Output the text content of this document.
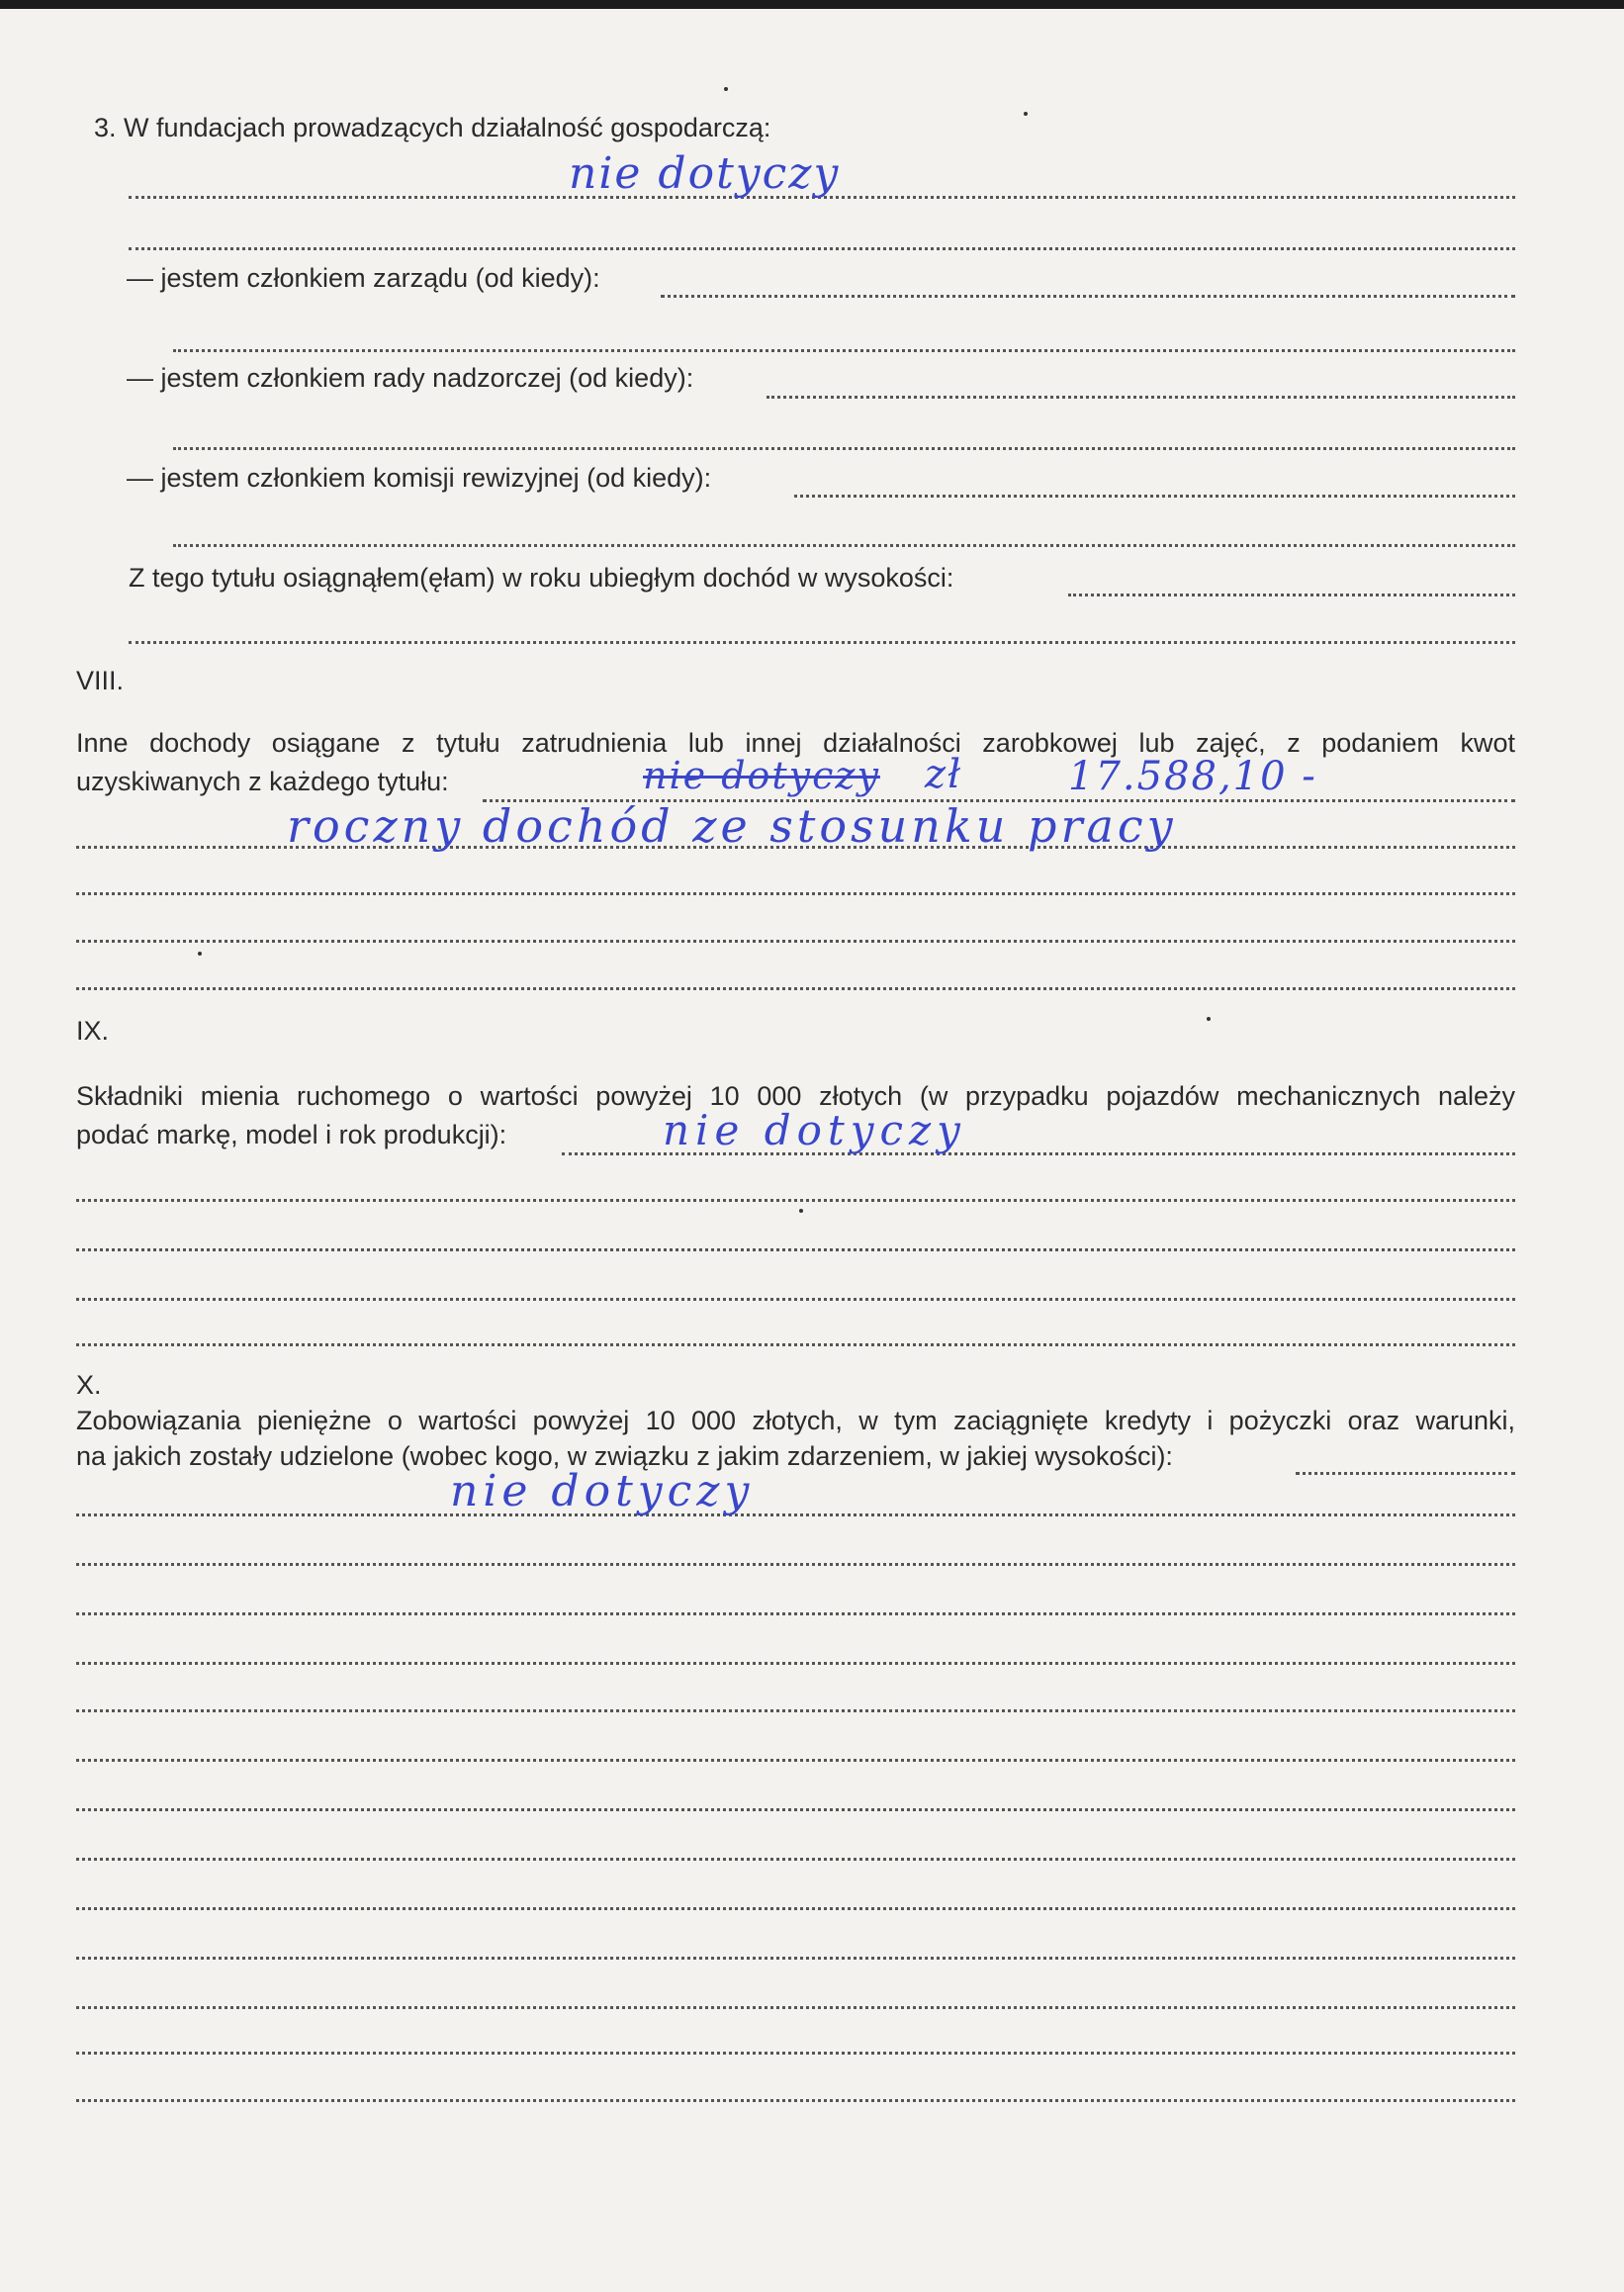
3. W fundacjach prowadzących działalność gospodarczą:
nie dotyczy
— jestem członkiem zarządu (od kiedy):
— jestem członkiem rady nadzorczej (od kiedy):
— jestem członkiem komisji rewizyjnej (od kiedy):
Z tego tytułu osiągnąłem(ęłam) w roku ubiegłym dochód w wysokości:
VIII.
Inne dochody osiągane z tytułu zatrudnienia lub innej działalności zarobkowej lub zajęć, z podaniem kwot
uzyskiwanych z każdego tytułu:	nie dotyczy zł	17.588,10 -
roczny dochód ze stosunku pracy
IX.
Składniki mienia ruchomego o wartości powyżej 10 000 złotych (w przypadku pojazdów mechanicznych należy
podać markę, model i rok produkcji):	nie dotyczy
X.
Zobowiązania pieniężne o wartości powyżej 10 000 złotych, w tym zaciągnięte kredyty i pożyczki oraz warunki,
na jakich zostały udzielone (wobec kogo, w związku z jakim zdarzeniem, w jakiej wysokości):
nie dotyczy
